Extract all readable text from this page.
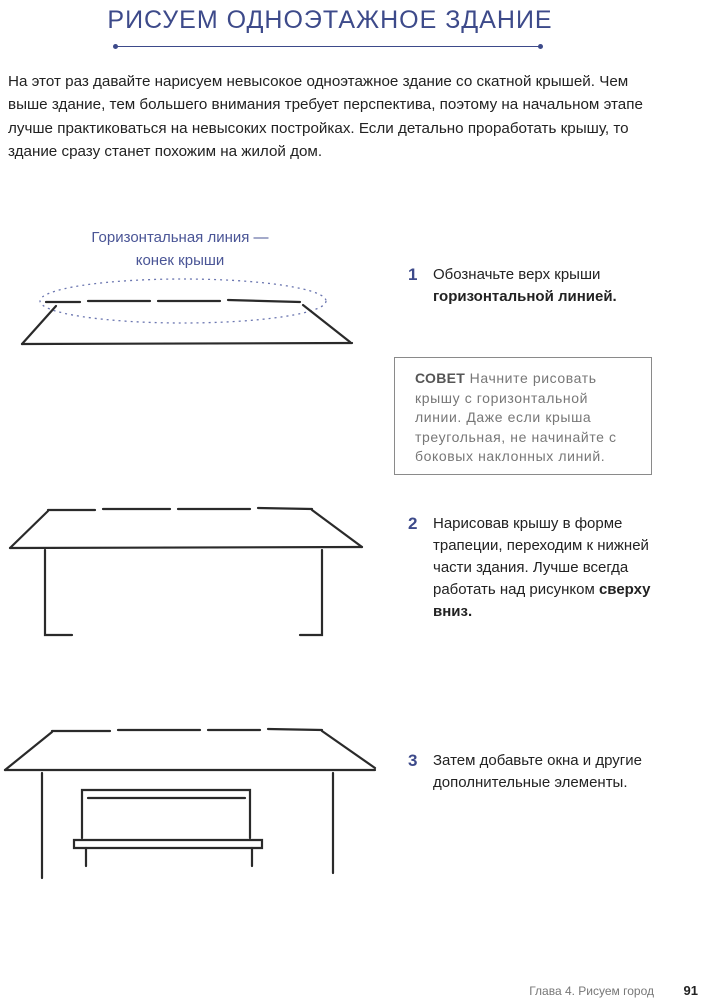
РИСУЕМ ОДНОЭТАЖНОЕ ЗДАНИЕ

На этот раз давайте нарисуем невысокое одноэтажное здание со скатной крышей. Чем выше здание, тем большего внимания требует перспектива, поэтому на начальном этапе лучше практиковаться на невысоких постройках. Если детально проработать крышу, то здание сразу станет похожим на жилой дом.

Горизонтальная линия —
конек крыши
1 Обозначьте верх крыши горизонтальной линией.
СОВЕТ Начните рисовать крышу с горизонтальной линии. Даже если крыша треугольная, не начинайте с боковых наклонных линий.
2 Нарисовав крышу в форме трапеции, переходим к нижней части здания. Лучше всегда работать над рисунком сверху вниз.
3 Затем добавьте окна и другие дополнительные элементы.
Глава 4. Рисуем город 91
